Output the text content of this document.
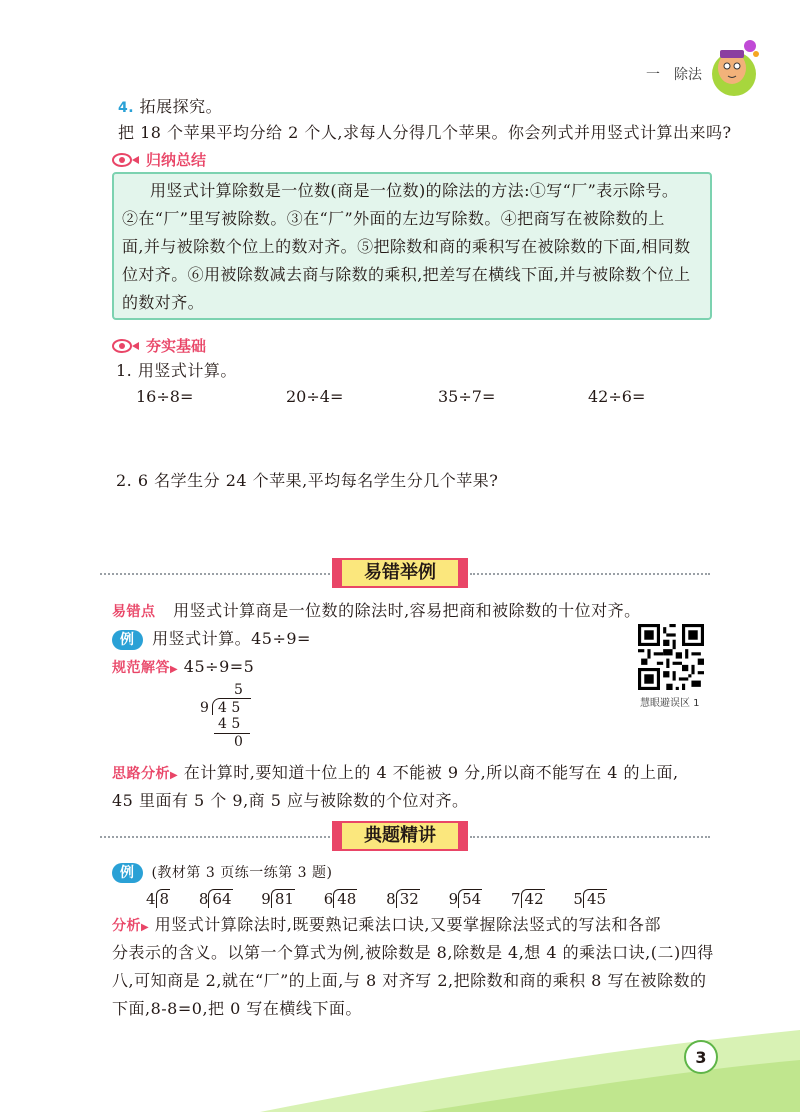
一　除法
4. 拓展探究。
把 18 个苹果平均分给 2 个人,求每人分得几个苹果。你会列式并用竖式计算出来吗?
归纳总结
用竖式计算除数是一位数(商是一位数)的除法的方法:①写“厂”表示除号。
②在“厂”里写被除数。③在“厂”外面的左边写除数。④把商写在被除数的上
面,并与被除数个位上的数对齐。⑤把除数和商的乘积写在被除数的下面,相同数
位对齐。⑥用被除数减去商与除数的乘积,把差写在横线下面,并与被除数个位上
的数对齐。
夯实基础
1. 用竖式计算。
16÷8=	20÷4=	35÷7=	42÷6=
2. 6 名学生分 24 个苹果,平均每名学生分几个苹果?
易错举例
易错点 用竖式计算商是一位数的除法时,容易把商和被除数的十位对齐。
例 用竖式计算。45÷9=
规范解答▶ 45÷9=5
5
9 4 5
4 5
0
慧眼避误区 1
思路分析▶ 在计算时,要知道十位上的 4 不能被 9 分,所以商不能写在 4 的上面,
45 里面有 5 个 9,商 5 应与被除数的个位对齐。
典题精讲
例 (教材第 3 页练一练第 3 题)
4 8 8 64 9 81 6 48 8 32 9 54 7 42 5 45
分析▶ 用竖式计算除法时,既要熟记乘法口诀,又要掌握除法竖式的写法和各部
分表示的含义。以第一个算式为例,被除数是 8,除数是 4,想 4 的乘法口诀,(二)四得
八,可知商是 2,就在“厂”的上面,与 8 对齐写 2,把除数和商的乘积 8 写在被除数的
下面,8-8=0,把 0 写在横线下面。
3
